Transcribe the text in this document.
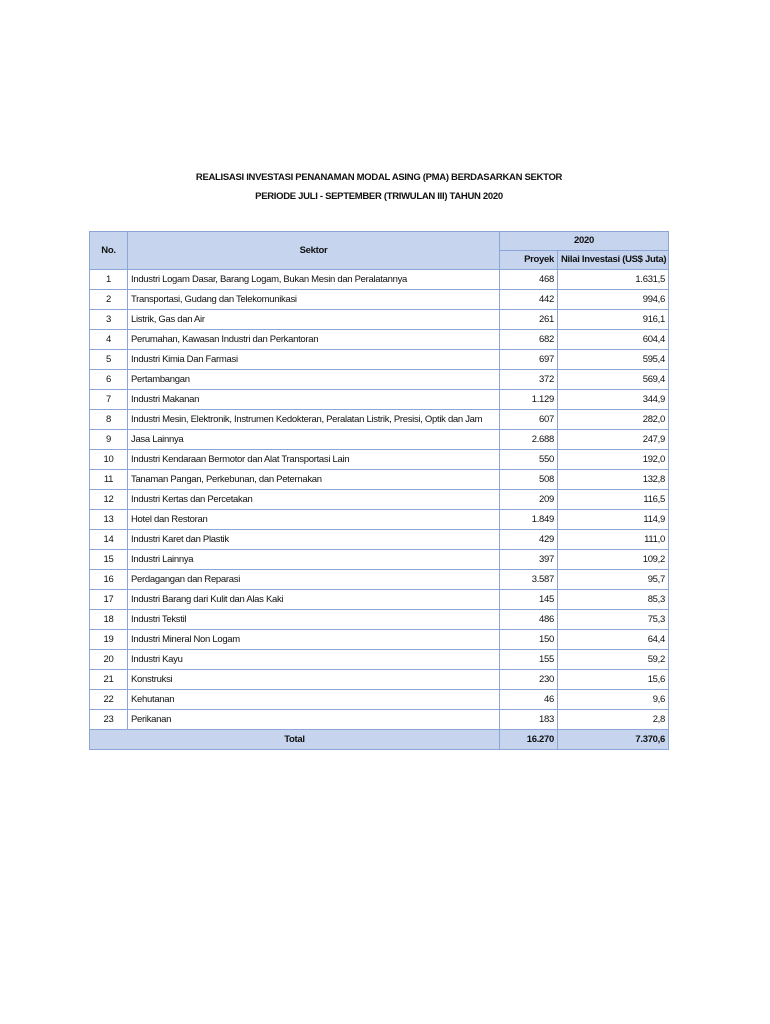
REALISASI INVESTASI PENANAMAN MODAL ASING (PMA) BERDASARKAN SEKTOR
PERIODE JULI - SEPTEMBER (TRIWULAN III) TAHUN 2020
No.	Sektor	2020	
		Proyek	Nilai Investasi (US$ Juta)
1	Industri Logam Dasar, Barang Logam, Bukan Mesin dan Peralatannya	468	1.631,5
2	Transportasi, Gudang dan Telekomunikasi	442	994,6
3	Listrik, Gas dan Air	261	916,1
4	Perumahan, Kawasan Industri dan Perkantoran	682	604,4
5	Industri Kimia Dan Farmasi	697	595,4
6	Pertambangan	372	569,4
7	Industri Makanan	1.129	344,9
8	Industri Mesin, Elektronik, Instrumen Kedokteran, Peralatan Listrik, Presisi, Optik dan Jam	607	282,0
9	Jasa Lainnya	2.688	247,9
10	Industri Kendaraan Bermotor dan Alat Transportasi Lain	550	192,0
11	Tanaman Pangan, Perkebunan, dan Peternakan	508	132,8
12	Industri Kertas dan Percetakan	209	116,5
13	Hotel dan Restoran	1.849	114,9
14	Industri Karet dan Plastik	429	111,0
15	Industri Lainnya	397	109,2
16	Perdagangan dan Reparasi	3.587	95,7
17	Industri Barang dari Kulit dan Alas Kaki	145	85,3
18	Industri Tekstil	486	75,3
19	Industri Mineral Non Logam	150	64,4
20	Industri Kayu	155	59,2
21	Konstruksi	230	15,6
22	Kehutanan	46	9,6
23	Perikanan	183	2,8
Total		16.270	7.370,6
